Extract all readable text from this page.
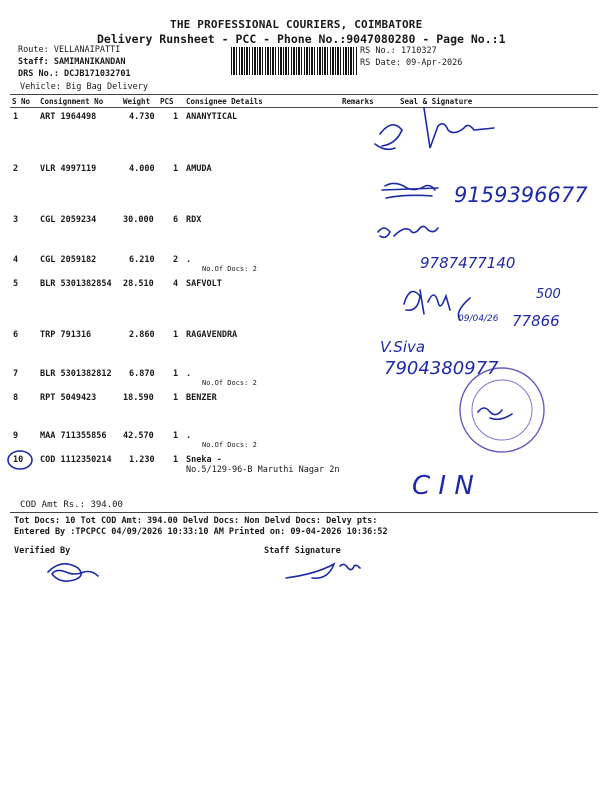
THE PROFESSIONAL COURIERS, COIMBATORE
Delivery Runsheet - PCC - Phone No.:9047080280 - Page No.:1
Route: VELLANAIPATTI
Staff: SAMIMANIKANDAN
DRS No.: DCJB171032701
Vehicle: Big Bag Delivery
RS No.: 1710327
RS Date: 09-Apr-2026
S No Consignment No	Weight PCS Consignee Details	Remarks	Seal & Signature
1	ART 1964498	4.730 1 ANANYTICAL
2	VLR 4997119	4.000 1 AMUDA
3	CGL 2059234	30.000 6 RDX
4	CGL 2059182	6.210 2 .
No.Of Docs: 2
5	BLR 5301382854 28.510 4 SAFVOLT
6	TRP 791316	2.860 1 RAGAVENDRA
7	BLR 5301382812 6.870 1 .
No.Of Docs: 2
8	RPT 5049423	18.590 1 BENZER
9	MAA 711355856 42.570 1 .
No.Of Docs: 2
10 COD 1112350214 1.230 1 Sneka -
No.5/129-96-B Maruthi Nagar 2n
COD Amt Rs.: 394.00
Tot Docs: 10 Tot COD Amt: 394.00 Delvd Docs: Non Delvd Docs: Delvy pts:
Entered By :TPCPCC 04/09/2026 10:33:10 AM Printed on: 09-04-2026 10:36:52
Verified By	Staff Signature
9159396677
9787477140
09/04/26
500
77866
V.Siva
7904380977
C I N
